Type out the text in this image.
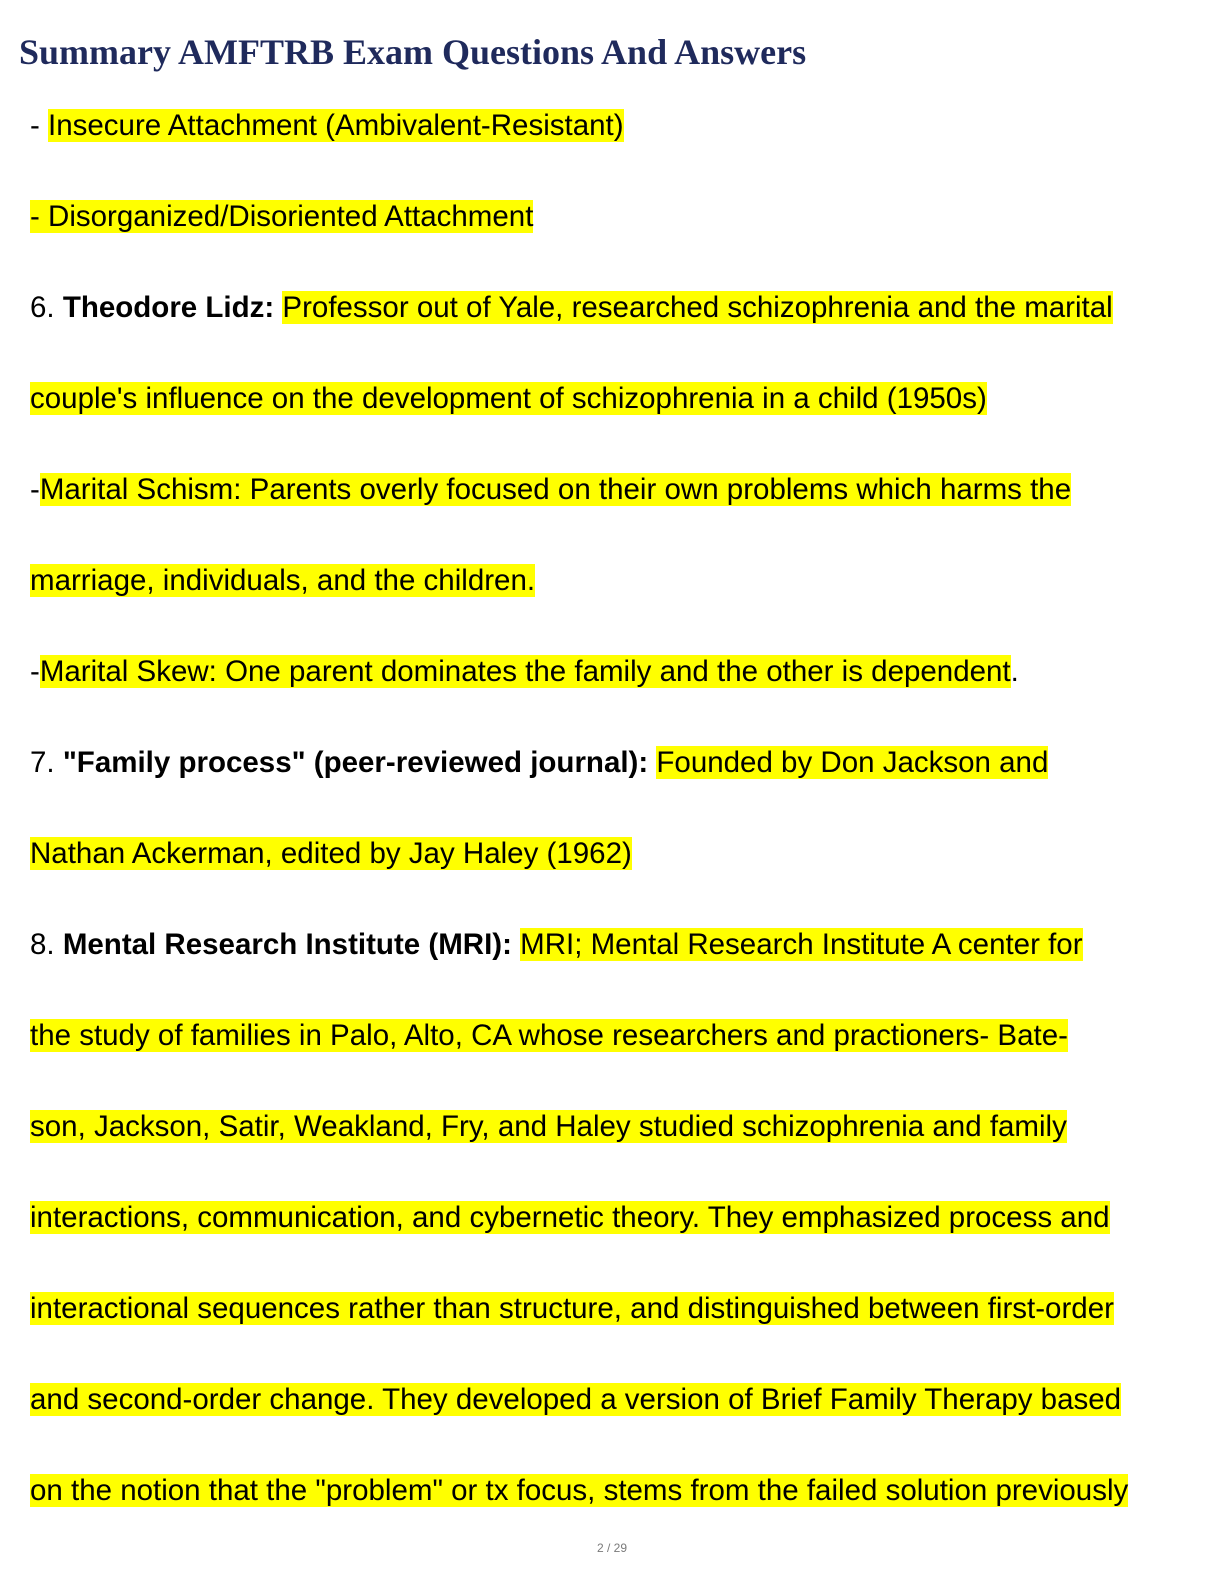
Summary AMFTRB Exam Questions And Answers

- Insecure Attachment (Ambivalent-Resistant)

- Disorganized/Disoriented Attachment

6. Theodore Lidz: Professor out of Yale, researched schizophrenia and the marital

couple's influence on the development of schizophrenia in a child (1950s)

-Marital Schism: Parents overly focused on their own problems which harms the

marriage, individuals, and the children.

-Marital Skew: One parent dominates the family and the other is dependent.

7. "Family process" (peer-reviewed journal): Founded by Don Jackson and

Nathan Ackerman, edited by Jay Haley (1962)

8. Mental Research Institute (MRI): MRI; Mental Research Institute A center for

the study of families in Palo, Alto, CA whose researchers and practioners- Bate-

son, Jackson, Satir, Weakland, Fry, and Haley studied schizophrenia and family

interactions, communication, and cybernetic theory. They emphasized process and

interactional sequences rather than structure, and distinguished between first-order

and second-order change. They developed a version of Brief Family Therapy based

on the notion that the "problem" or tx focus, stems from the failed solution previously

2 / 29
